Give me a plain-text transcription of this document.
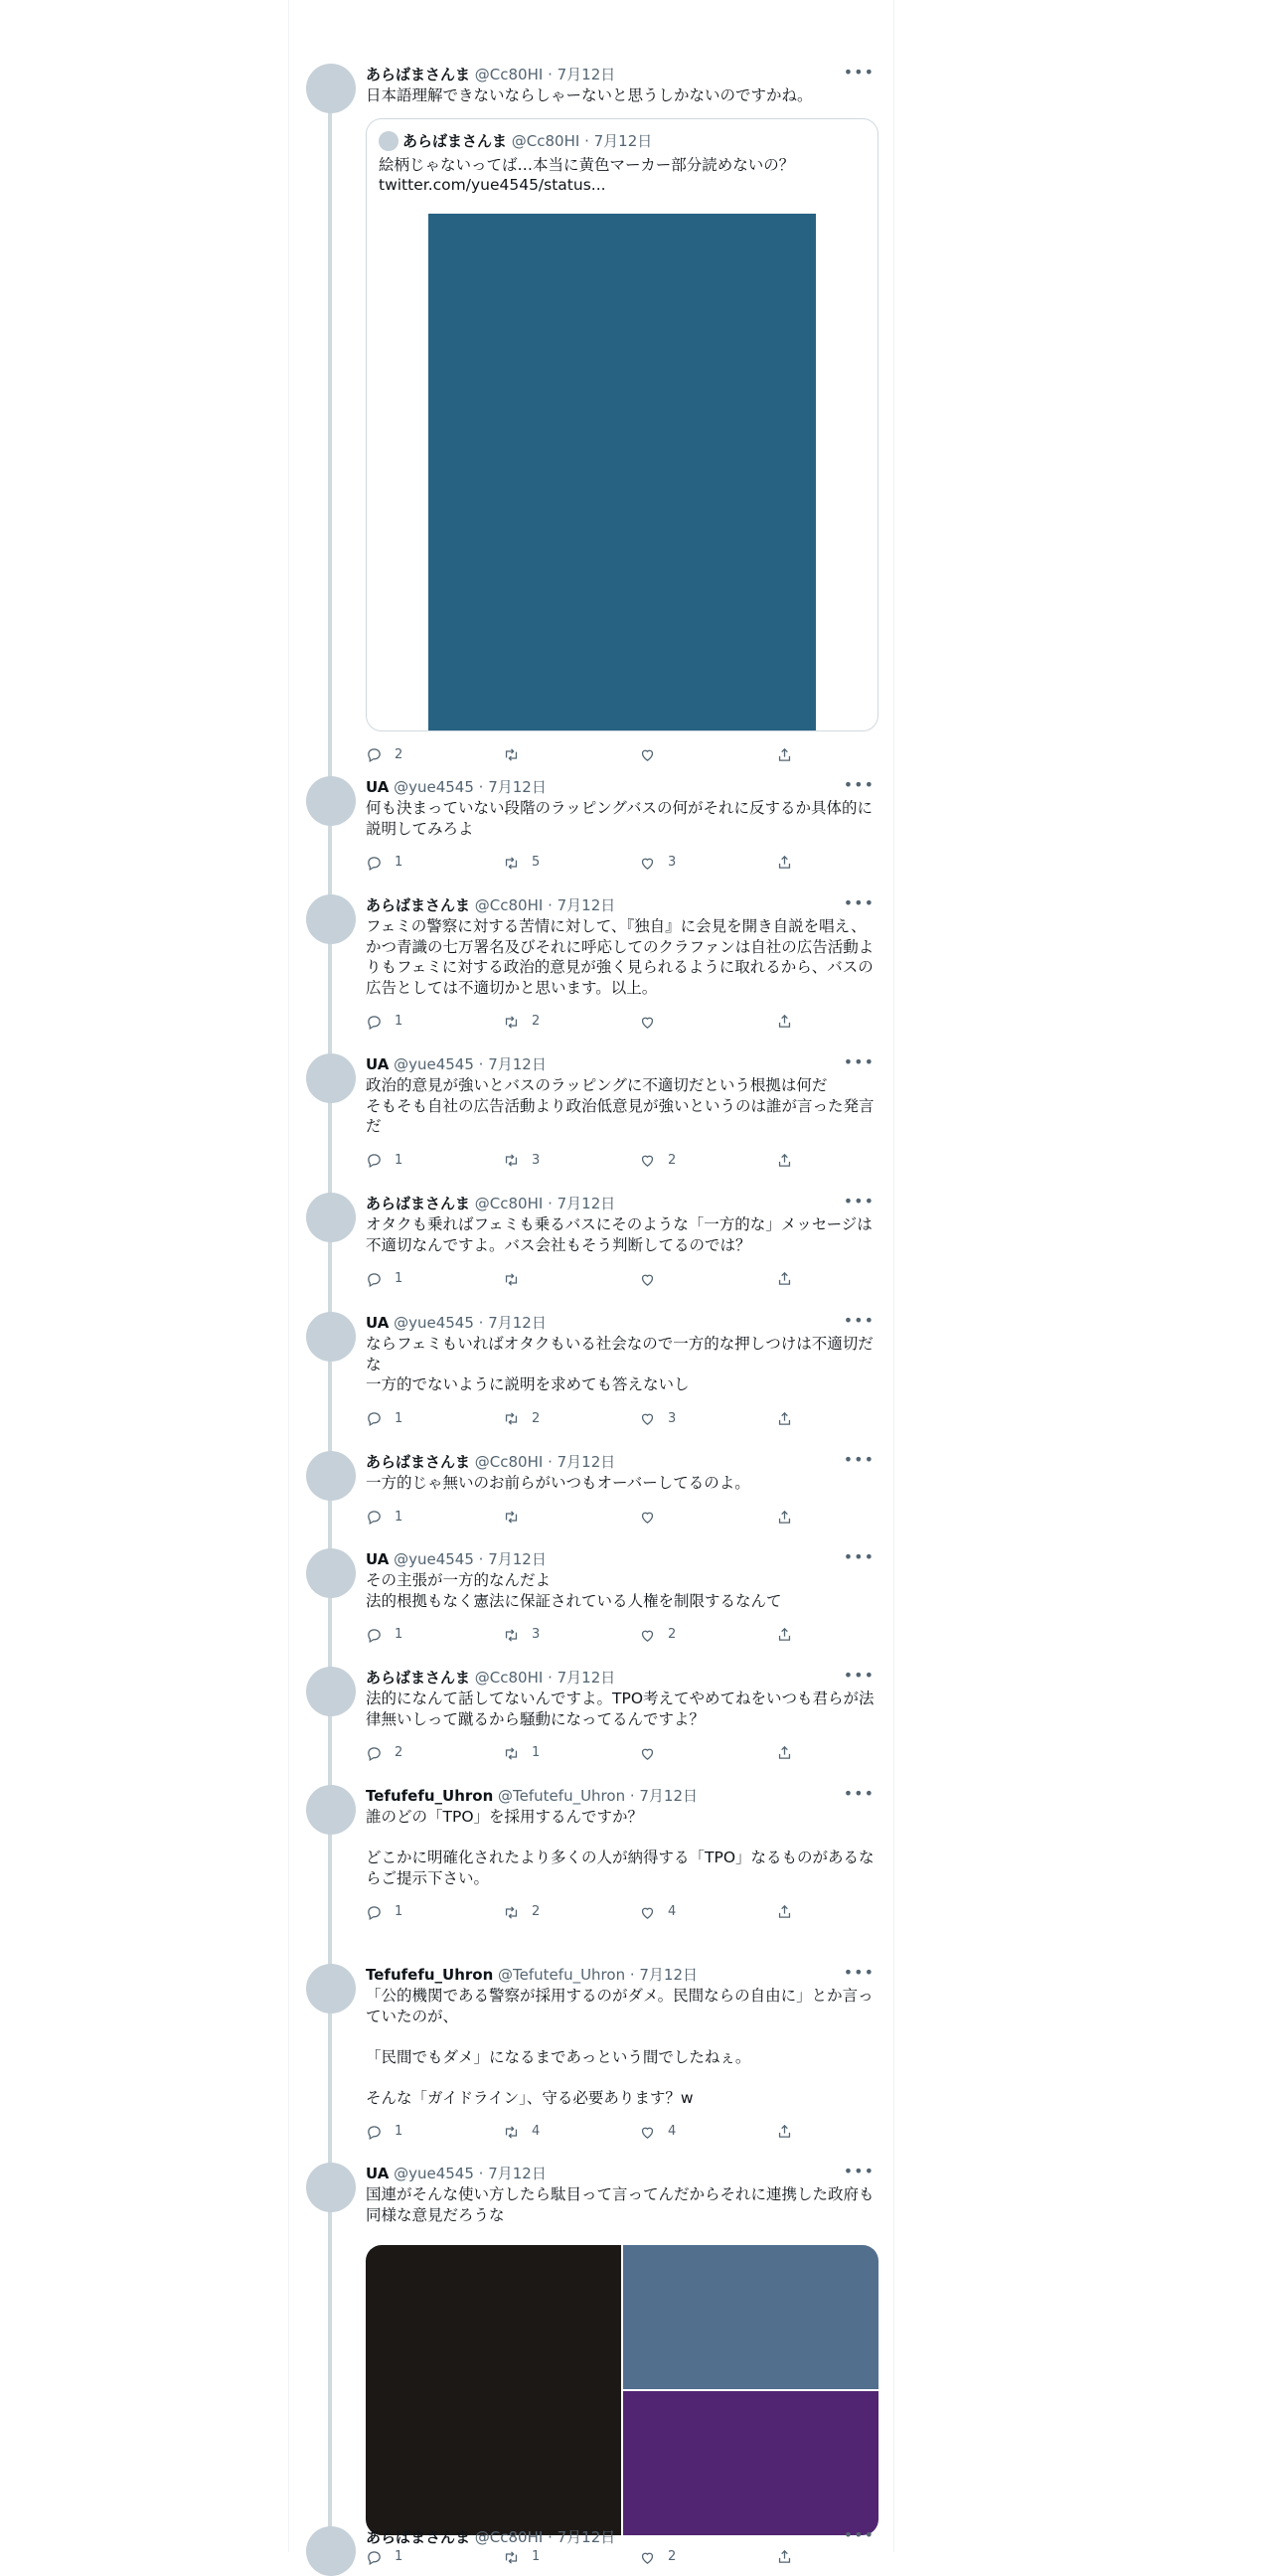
あらばまさんま @Cc80HI · 7月12日	•••
日本語理解できないならしゃーないと思うしかないのですかね。
あらばまさんま @Cc80HI · 7月12日
絵柄じゃないってば…本当に黄色マーカー部分読めないの？
twitter.com/yue4545/status...
2
UA @yue4545 · 7月12日	•••
何も決まっていない段階のラッピングバスの何がそれに反するか具体的に
説明してみろよ
1	5	3
あらばまさんま @Cc80HI · 7月12日	•••
フェミの警察に対する苦情に対して、『独自』に会見を開き自説を唱え、
かつ青識の七万署名及びそれに呼応してのクラファンは自社の広告活動よ
りもフェミに対する政治的意見が強く見られるように取れるから、バスの
広告としては不適切かと思います。以上。
1	2
UA @yue4545 · 7月12日	•••
政治的意見が強いとバスのラッピングに不適切だという根拠は何だ
そもそも自社の広告活動より政治低意見が強いというのは誰が言った発言
だ
1	3	2
あらばまさんま @Cc80HI · 7月12日	•••
オタクも乗ればフェミも乗るバスにそのような「一方的な」メッセージは
不適切なんですよ。バス会社もそう判断してるのでは？
1
UA @yue4545 · 7月12日	•••
ならフェミもいればオタクもいる社会なので一方的な押しつけは不適切だ
な
一方的でないように説明を求めても答えないし
1	2	3
あらばまさんま @Cc80HI · 7月12日	•••
一方的じゃ無いのお前らがいつもオーバーしてるのよ。
1
UA @yue4545 · 7月12日	•••
その主張が一方的なんだよ
法的根拠もなく憲法に保証されている人権を制限するなんて
1	3	2
あらばまさんま @Cc80HI · 7月12日	•••
法的になんて話してないんですよ。TPO考えてやめてねをいつも君らが法
律無いしって蹴るから騒動になってるんですよ？
2	1
Tefufefu_Uhron @Tefutefu_Uhron · 7月12日	•••
誰のどの「TPO」を採用するんですか？

どこかに明確化されたより多くの人が納得する「TPO」なるものがあるな
らご提示下さい。
1	2	4
Tefufefu_Uhron @Tefutefu_Uhron · 7月12日	•••
「公的機関である警察が採用するのがダメ。民間ならの自由に」とか言っ
ていたのが、

「民間でもダメ」になるまであっという間でしたねぇ。

そんな「ガイドライン」、守る必要あります？w
1	4	4
UA @yue4545 · 7月12日	•••
国連がそんな使い方したら駄目って言ってんだからそれに連携した政府も
同様な意見だろうな
1	1	2
あらばまさんま @Cc80HI · 7月12日	•••
